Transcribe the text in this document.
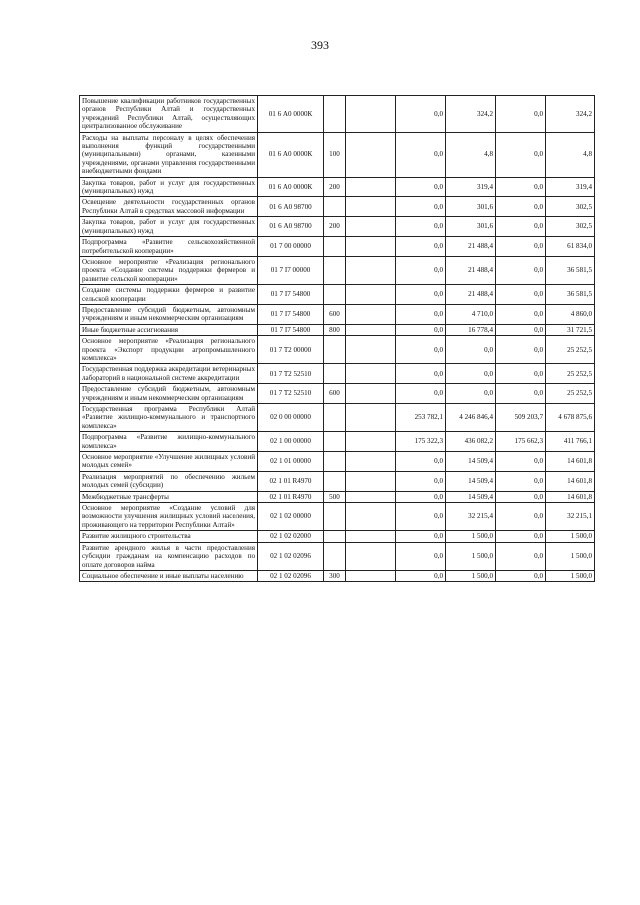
393
Повышение квалификации работников государственных органов Республики Алтай и государственных учреждений Республики Алтай, осуществляющих централизованное обслуживание	01 6 А0 0000К			0,0	324,2	0,0	324,2
Расходы на выплаты персоналу в целях обеспечения выполнения функций государственными (муниципальными) органами, казенными учреждениями, органами управления государственными внебюджетными фондами	01 6 А0 0000К	100		0,0	4,8	0,0	4,8
Закупка товаров, работ и услуг для государственных (муниципальных) нужд	01 6 А0 0000К	200		0,0	319,4	0,0	319,4
Освещение деятельности государственных органов Республики Алтай в средствах массовой информации	01 6 А0 98700			0,0	301,6	0,0	302,5
Закупка товаров, работ и услуг для государственных (муниципальных) нужд	01 6 А0 98700	200		0,0	301,6	0,0	302,5
Подпрограмма «Развитие сельскохозяйственной потребительской кооперации»	01 7 00 00000			0,0	21 488,4	0,0	61 834,0
Основное мероприятие «Реализация регионального проекта «Создание системы поддержки фермеров и развитие сельской кооперации»	01 7 I7 00000			0,0	21 488,4	0,0	36 581,5
Создание системы поддержки фермеров и развитие сельской кооперации	01 7 I7 54800			0,0	21 488,4	0,0	36 581,5
Предоставление субсидий бюджетным, автономным учреждениям и иным некоммерческим организациям	01 7 I7 54800	600		0,0	4 710,0	0,0	4 860,0
Иные бюджетные ассигнования	01 7 I7 54800	800		0,0	16 778,4	0,0	31 721,5
Основное мероприятие «Реализация регионального проекта «Экспорт продукции агропромышленного комплекса»	01 7 T2 00000			0,0	0,0	0,0	25 252,5
Государственная поддержка аккредитации ветеринарных лабораторий в национальной системе аккредитации	01 7 T2 52510			0,0	0,0	0,0	25 252,5
Предоставление субсидий бюджетным, автономным учреждениям и иным некоммерческим организациям	01 7 T2 52510	600		0,0	0,0	0,0	25 252,5
Государственная программа Республики Алтай «Развитие жилищно-коммунального и транспортного комплекса»	02 0 00 00000			253 782,1	4 246 846,4	509 203,7	4 678 875,6
Подпрограмма «Развитие жилищно-коммунального комплекса»	02 1 00 00000			175 322,3	436 082,2	175 662,3	411 766,1
Основное мероприятие «Улучшение жилищных условий молодых семей»	02 1 01 00000			0,0	14 509,4	0,0	14 601,8
Реализация мероприятий по обеспечению жильем молодых семей (субсидии)	02 1 01 R4970			0,0	14 509,4	0,0	14 601,8
Межбюджетные трансферты	02 1 01 R4970	500		0,0	14 509,4	0,0	14 601,8
Основное мероприятие «Создание условий для возможности улучшения жилищных условий населения, проживающего на территории Республики Алтай»	02 1 02 00000			0,0	32 215,4	0,0	32 215,1
Развитие жилищного строительства	02 1 02 02000			0,0	1 500,0	0,0	1 500,0
Развитие арендного жилья в части предоставления субсидии гражданам на компенсацию расходов по оплате договоров найма	02 1 02 02096			0,0	1 500,0	0,0	1 500,0
Социальное обеспечение и иные выплаты населению	02 1 02 02096	300		0,0	1 500,0	0,0	1 500,0
